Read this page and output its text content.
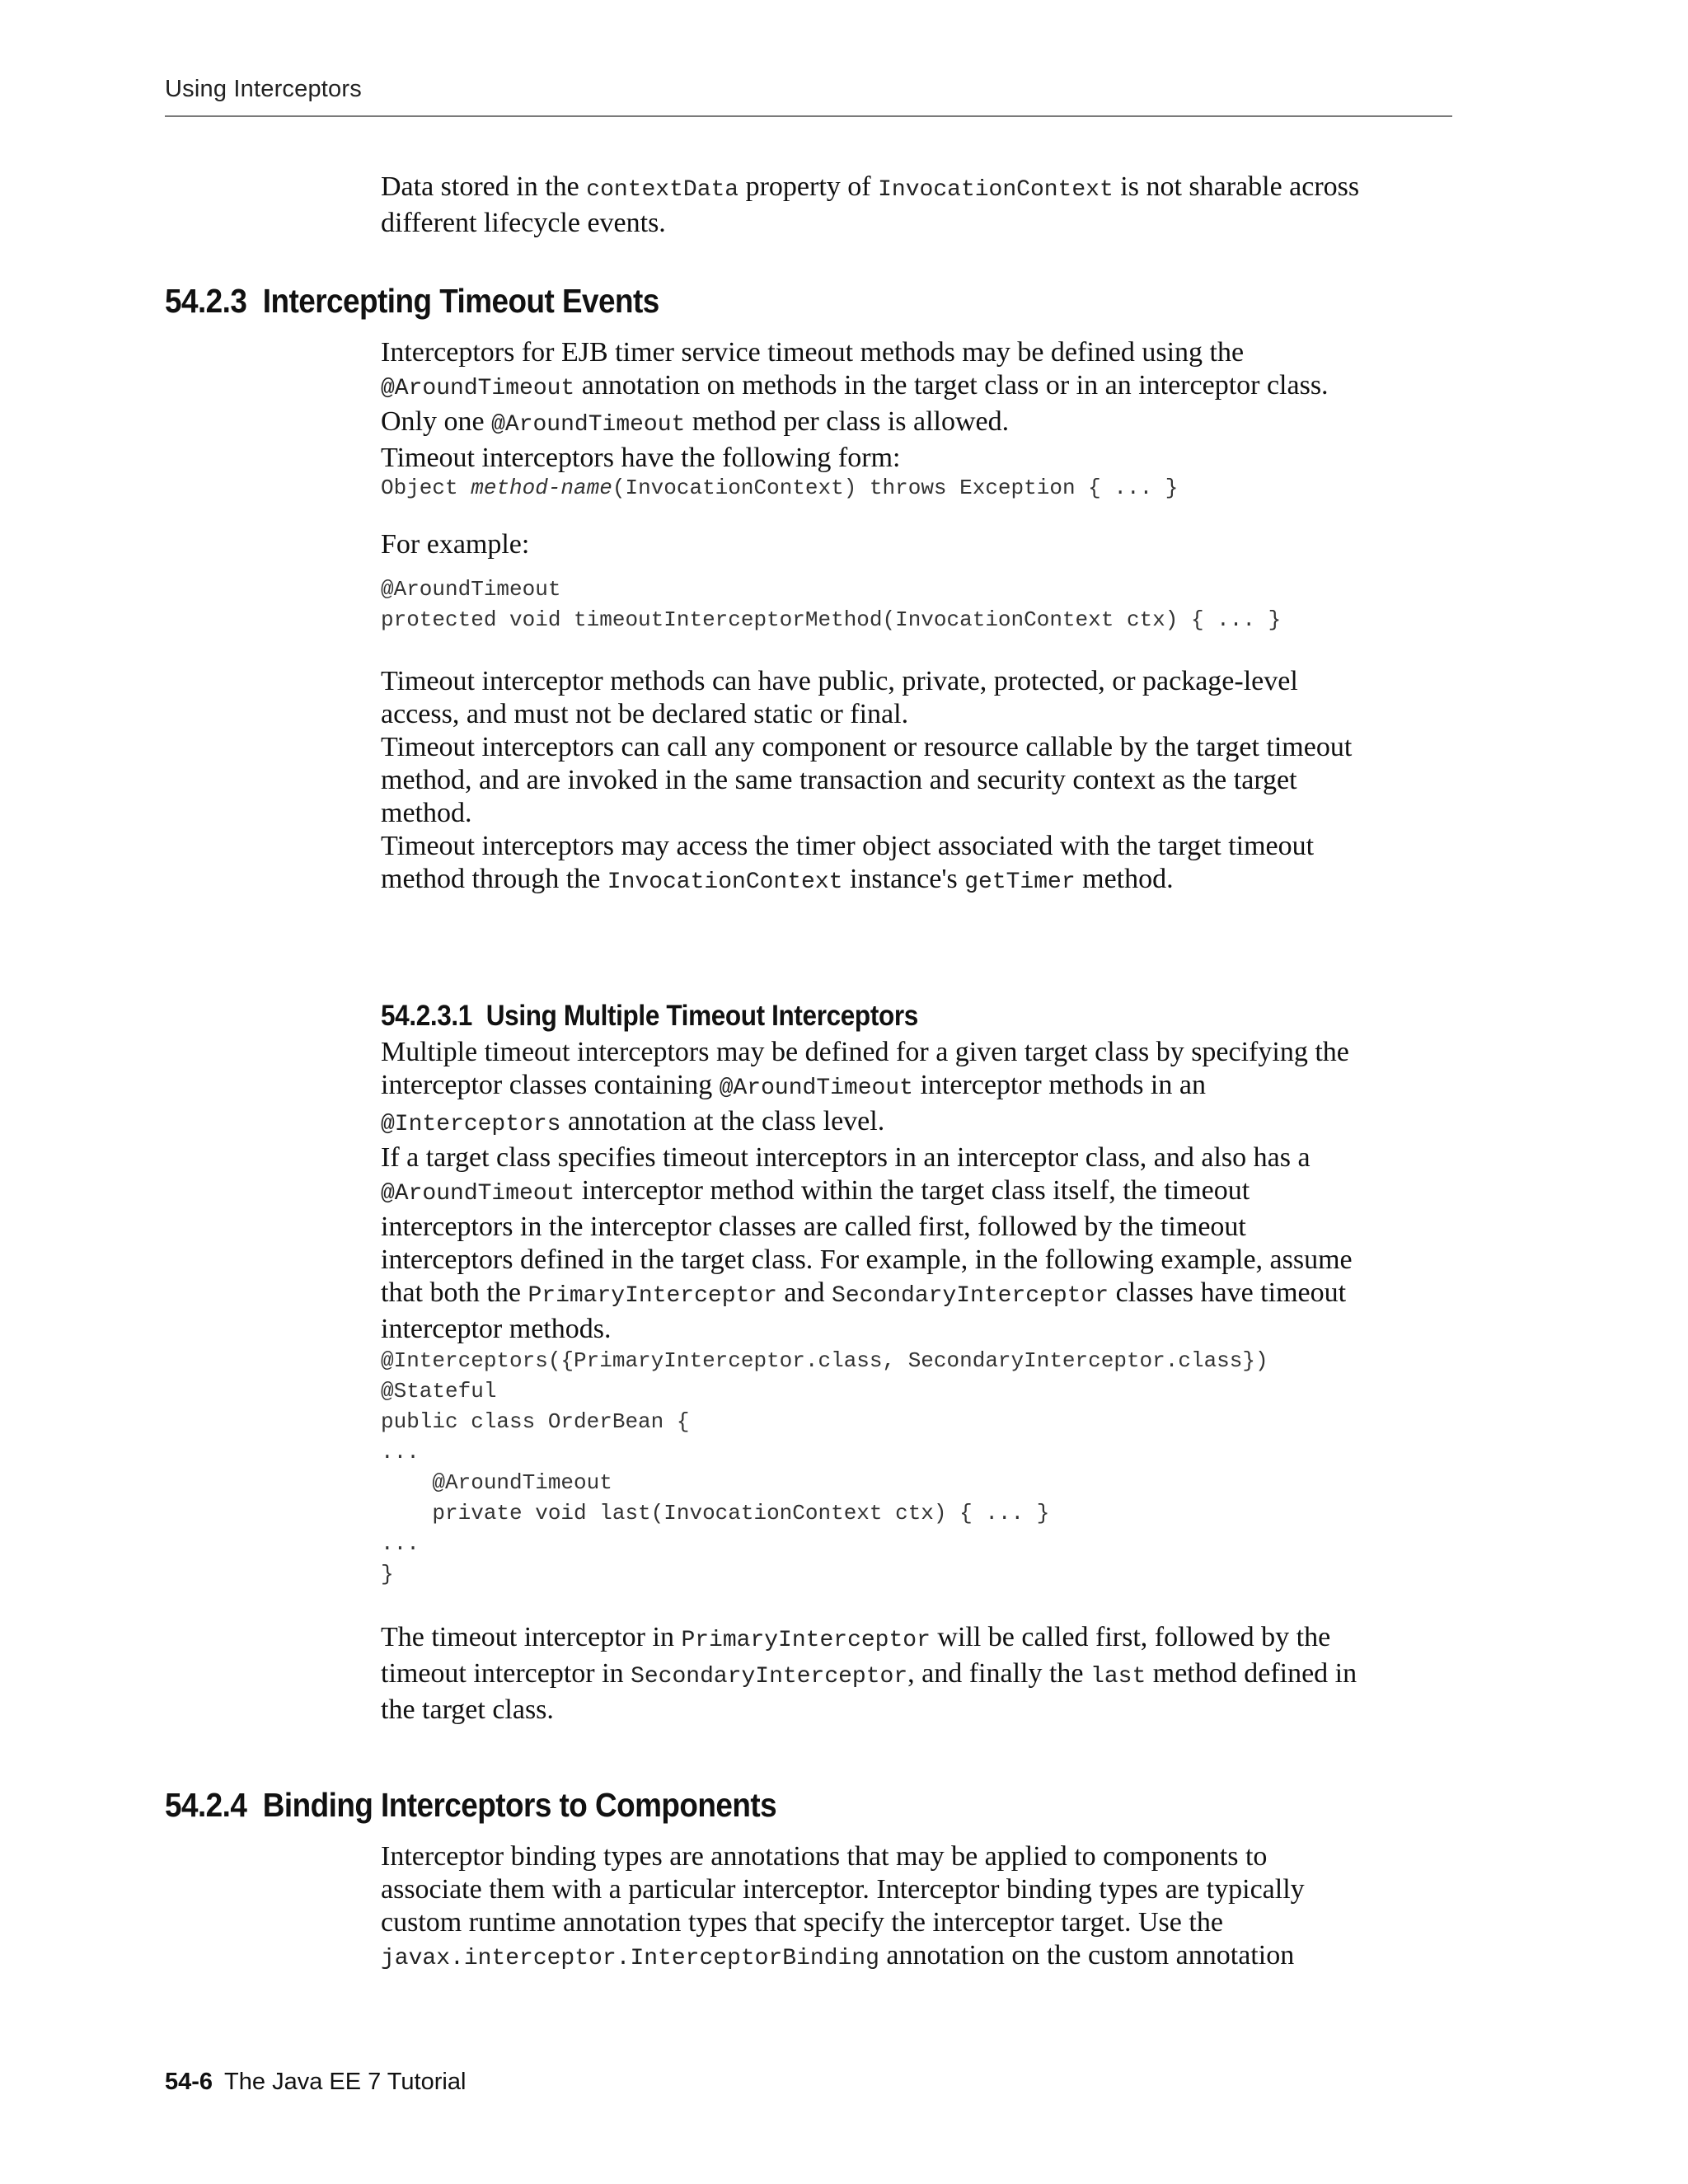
Using Interceptors

Data stored in the contextData property of InvocationContext is not sharable across
different lifecycle events.

54.2.3 Intercepting Timeout Events

Interceptors for EJB timer service timeout methods may be defined using the
@AroundTimeout annotation on methods in the target class or in an interceptor class.
Only one @AroundTimeout method per class is allowed.

Timeout interceptors have the following form:

Object method-name(InvocationContext) throws Exception { ... }

For example:

@AroundTimeout
protected void timeoutInterceptorMethod(InvocationContext ctx) { ... }

Timeout interceptor methods can have public, private, protected, or package-level
access, and must not be declared static or final.

Timeout interceptors can call any component or resource callable by the target timeout
method, and are invoked in the same transaction and security context as the target
method.

Timeout interceptors may access the timer object associated with the target timeout
method through the InvocationContext instance's getTimer method.

54.2.3.1 Using Multiple Timeout Interceptors

Multiple timeout interceptors may be defined for a given target class by specifying the
interceptor classes containing @AroundTimeout interceptor methods in an
@Interceptors annotation at the class level.

If a target class specifies timeout interceptors in an interceptor class, and also has a
@AroundTimeout interceptor method within the target class itself, the timeout
interceptors in the interceptor classes are called first, followed by the timeout
interceptors defined in the target class. For example, in the following example, assume
that both the PrimaryInterceptor and SecondaryInterceptor classes have timeout
interceptor methods.

@Interceptors({PrimaryInterceptor.class, SecondaryInterceptor.class})
@Stateful
public class OrderBean {
...
@AroundTimeout
private void last(InvocationContext ctx) { ... }
...
}

The timeout interceptor in PrimaryInterceptor will be called first, followed by the
timeout interceptor in SecondaryInterceptor, and finally the last method defined in
the target class.

54.2.4 Binding Interceptors to Components

Interceptor binding types are annotations that may be applied to components to
associate them with a particular interceptor. Interceptor binding types are typically
custom runtime annotation types that specify the interceptor target. Use the
javax.interceptor.InterceptorBinding annotation on the custom annotation

54-6 The Java EE 7 Tutorial
